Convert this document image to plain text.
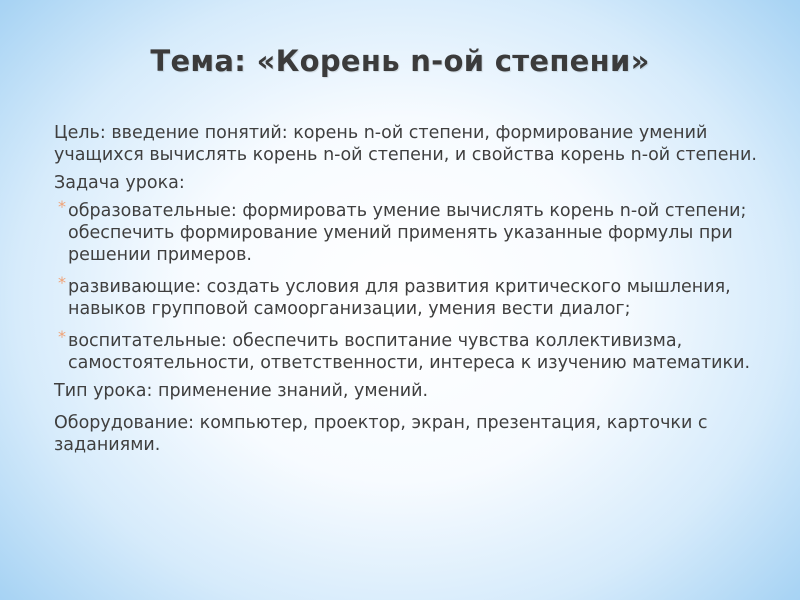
Тема: «Корень n-ой степени»

Цель: введение понятий: корень n-ой степени, формирование умений учащихся вычислять корень n-ой степени, и свойства корень n-ой степени.

Задача урока:

* образовательные: формировать умение вычислять корень n-ой степени; обеспечить формирование умений применять указанные формулы при решении примеров.
* развивающие: создать условия для развития критического мышления, навыков групповой самоорганизации, умения вести диалог;
* воспитательные: обеспечить воспитание чувства коллективизма, самостоятельности, ответственности, интереса к изучению математики.

Тип урока: применение знаний, умений.

Оборудование: компьютер, проектор, экран, презентация, карточки с заданиями.
